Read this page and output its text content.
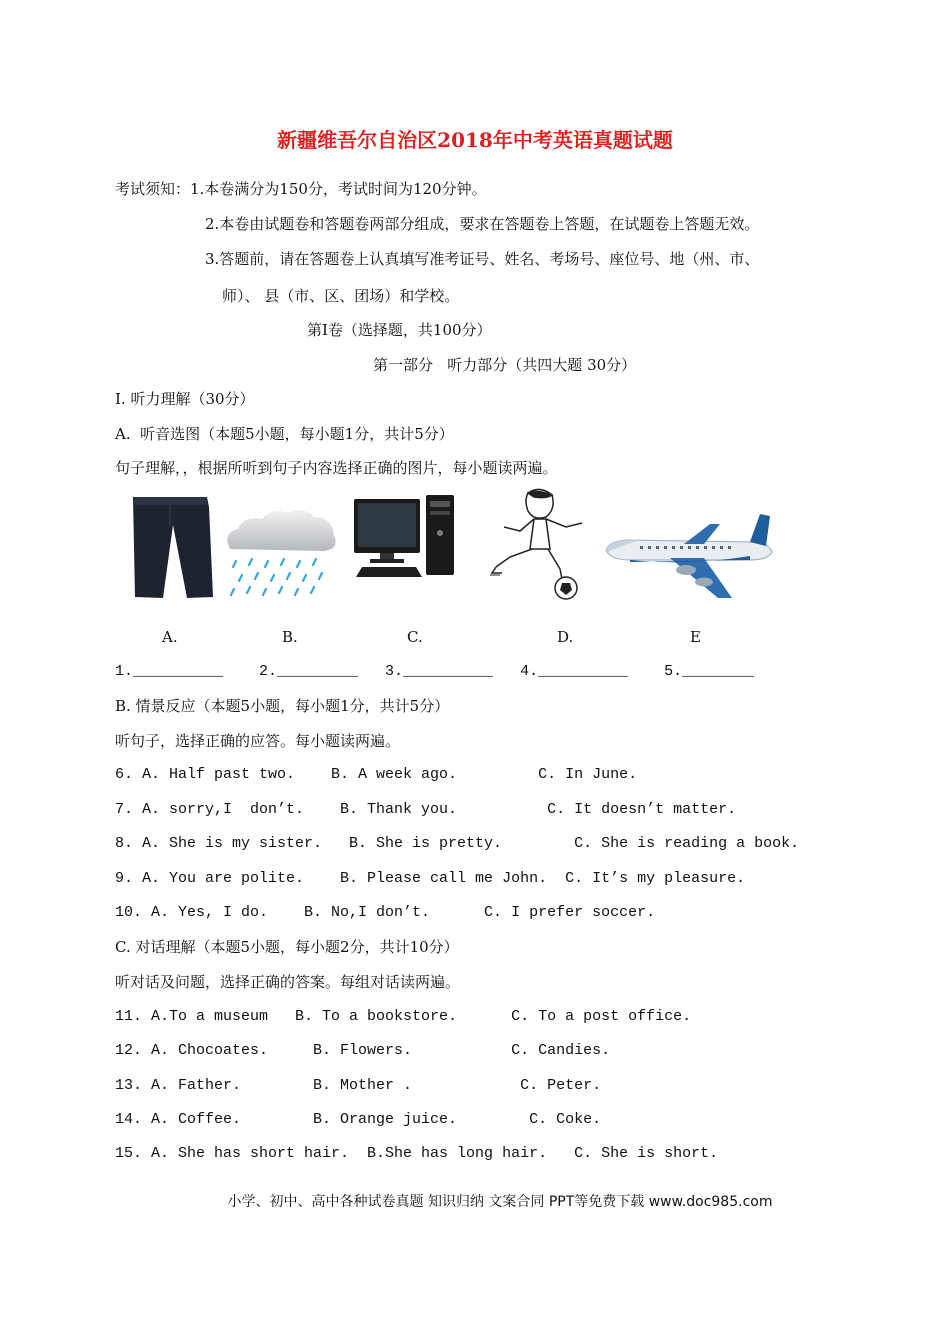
新疆维吾尔自治区2018年中考英语真题试题
考试须知：1.本卷满分为150分，考试时间为120分钟。
2.本卷由试题卷和答题卷两部分组成，要求在答题卷上答题，在试题卷上答题无效。
3.答题前，请在答题卷上认真填写准考证号、姓名、考场号、座位号、地（州、市、
师）、 县（市、区、团场）和学校。
第Ⅰ卷（选择题，共100分）
第一部分   听力部分（共四大题 30分）
Ⅰ. 听力理解（30分）
A.  听音选图（本题5小题，每小题1分，共计5分）
句子理解，，根据所听到句子内容选择正确的图片，每小题读两遍。
A.	B.	C.	D.	E
1.__________    2._________   3.__________   4.__________    5.________
B. 情景反应（本题5小题，每小题1分，共计5分）
听句子，选择正确的应答。每小题读两遍。
6. A. Half past two.    B. A week ago.         C. In June.
7. A. sorry,I  don’t.    B. Thank you.          C. It doesn’t matter.
8. A. She is my sister.   B. She is pretty.        C. She is reading a book.
9. A. You are polite.    B. Please call me John.  C. It’s my pleasure.
10. A. Yes, I do.    B. No,I don’t.      C. I prefer soccer.
C. 对话理解（本题5小题，每小题2分，共计10分）
听对话及问题，选择正确的答案。每组对话读两遍。
11. A.To a museum   B. To a bookstore.      C. To a post office.
12. A. Chocoates.     B. Flowers.           C. Candies.
13. A. Father.        B. Mother .            C. Peter.
14. A. Coffee.        B. Orange juice.        C. Coke.
15. A. She has short hair.  B.She has long hair.   C. She is short.
小学、初中、高中各种试卷真题 知识归纳 文案合同 PPT等免费下载 www.doc985.com
